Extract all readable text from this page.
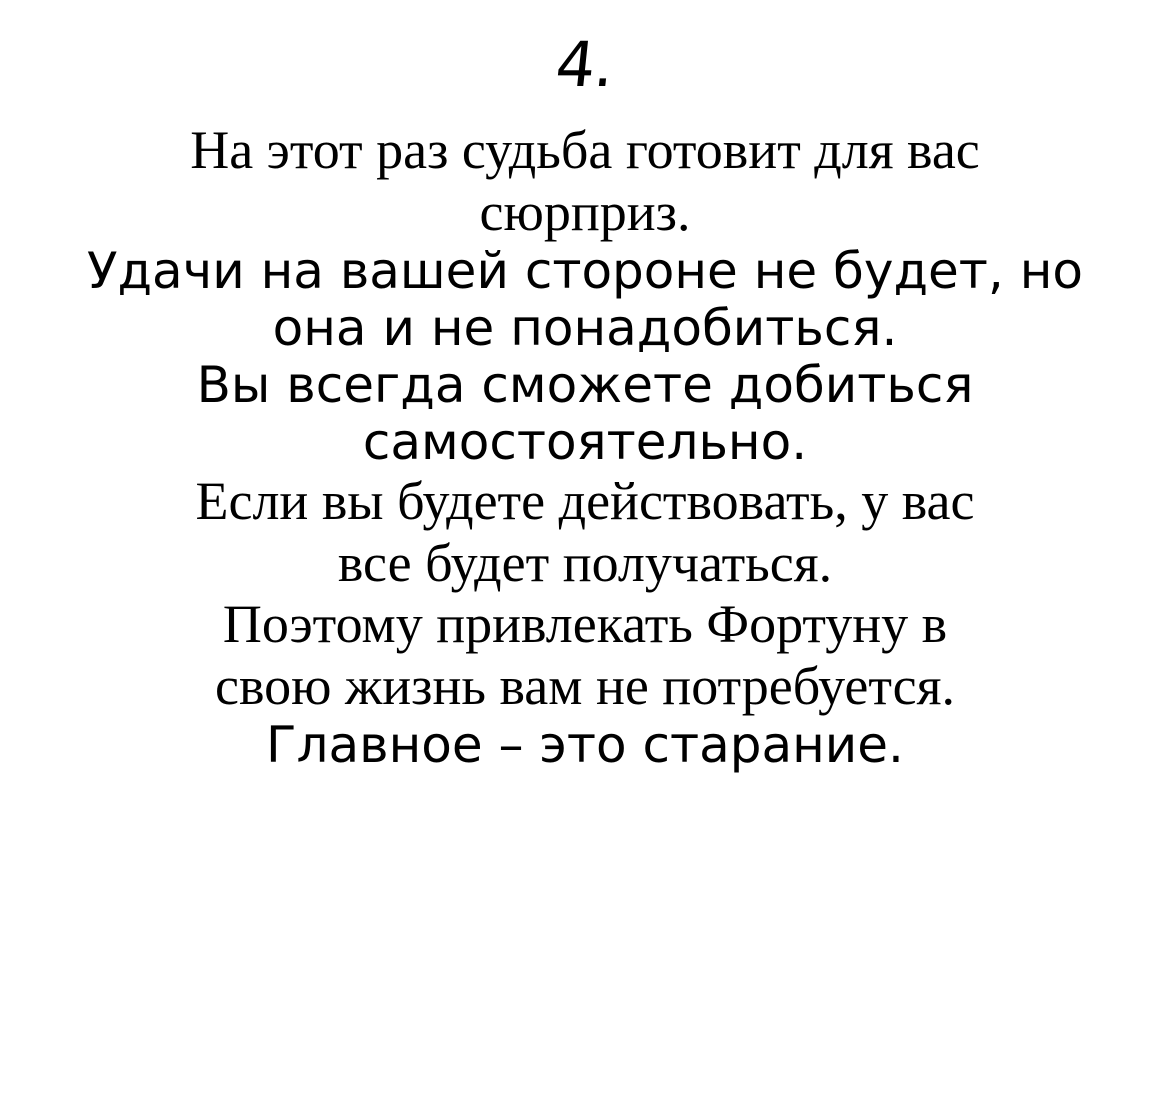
4.

На этот раз судьба готовит для вас

сюрприз.

Удачи на вашей стороне не будет, но

она и не понадобиться.

Вы всегда сможете добиться

самостоятельно.

Если вы будете действовать, у вас

все будет получаться.

Поэтому привлекать Фортуну в

свою жизнь вам не потребуется.

Главное – это старание.
